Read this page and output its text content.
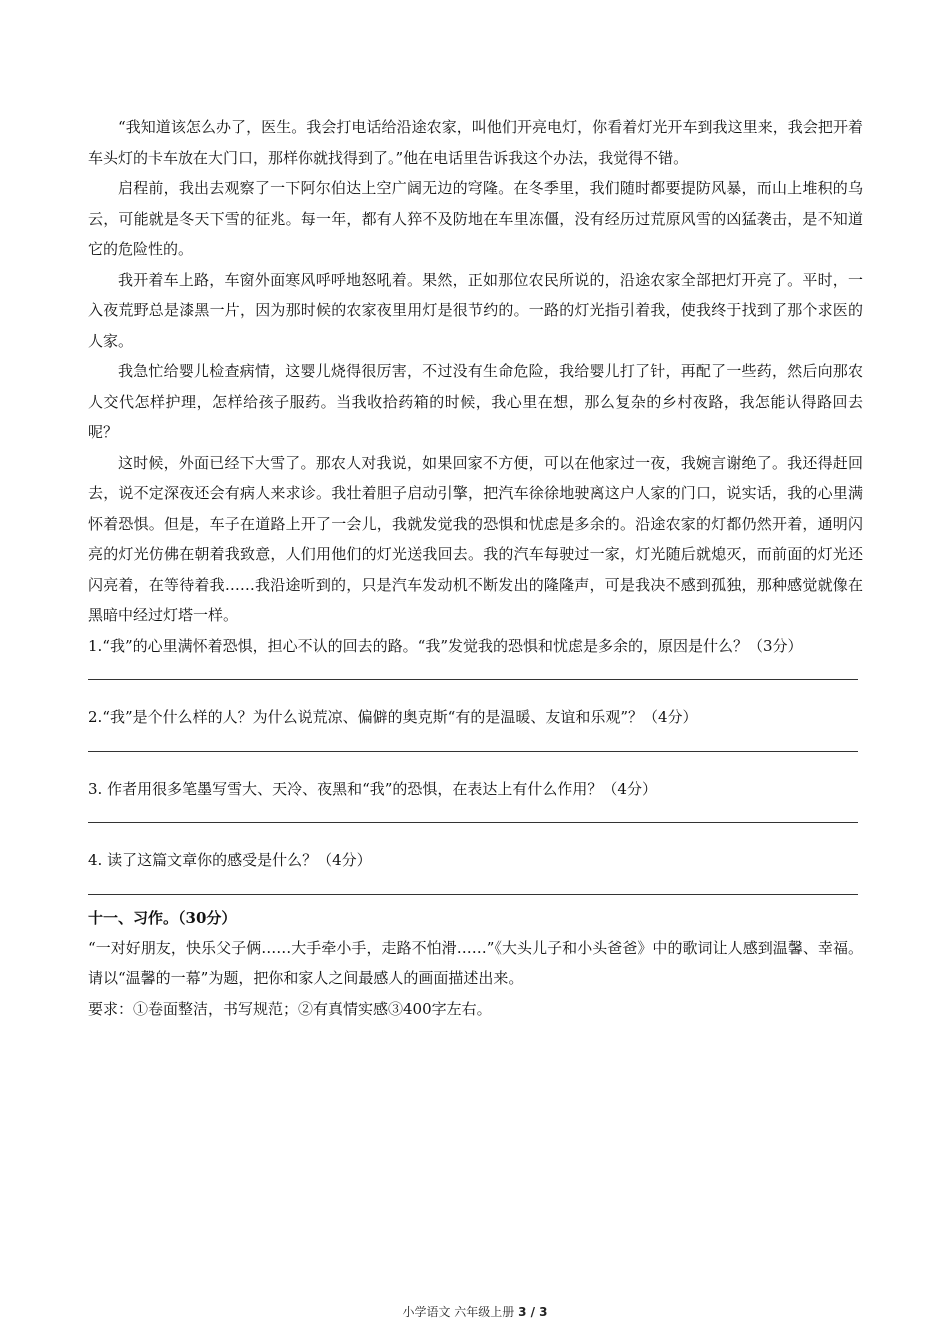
“我知道该怎么办了，医生。我会打电话给沿途农家，叫他们开亮电灯，你看着灯光开车到我这里来，我会把开着车头灯的卡车放在大门口，那样你就找得到了。”他在电话里告诉我这个办法，我觉得不错。

启程前，我出去观察了一下阿尔伯达上空广阔无边的穹隆。在冬季里，我们随时都要提防风暴，而山上堆积的乌云，可能就是冬天下雪的征兆。每一年，都有人猝不及防地在车里冻僵，没有经历过荒原风雪的凶猛袭击，是不知道它的危险性的。

我开着车上路，车窗外面寒风呼呼地怒吼着。果然，正如那位农民所说的，沿途农家全部把灯开亮了。平时，一入夜荒野总是漆黑一片，因为那时候的农家夜里用灯是很节约的。一路的灯光指引着我，使我终于找到了那个求医的人家。

我急忙给婴儿检查病情，这婴儿烧得很厉害，不过没有生命危险，我给婴儿打了针，再配了一些药，然后向那农人交代怎样护理，怎样给孩子服药。当我收拾药箱的时候，我心里在想，那么复杂的乡村夜路，我怎能认得路回去呢？

这时候，外面已经下大雪了。那农人对我说，如果回家不方便，可以在他家过一夜，我婉言谢绝了。我还得赶回去，说不定深夜还会有病人来求诊。我壮着胆子启动引擎，把汽车徐徐地驶离这户人家的门口，说实话，我的心里满怀着恐惧。但是，车子在道路上开了一会儿，我就发觉我的恐惧和忧虑是多余的。沿途农家的灯都仍然开着，通明闪亮的灯光仿佛在朝着我致意，人们用他们的灯光送我回去。我的汽车每驶过一家，灯光随后就熄灭，而前面的灯光还闪亮着，在等待着我……我沿途听到的，只是汽车发动机不断发出的隆隆声，可是我决不感到孤独，那种感觉就像在黑暗中经过灯塔一样。

1.“我”的心里满怀着恐惧，担心不认的回去的路。“我”发觉我的恐惧和忧虑是多余的，原因是什么？（3分）

2.“我”是个什么样的人？为什么说荒凉、偏僻的奥克斯“有的是温暖、友谊和乐观”？（4分）

3. 作者用很多笔墨写雪大、天冷、夜黑和“我”的恐惧，在表达上有什么作用？（4分）

4. 读了这篇文章你的感受是什么？（4分）

十一、习作。（30分）

“一对好朋友，快乐父子俩……大手牵小手，走路不怕滑……”《大头儿子和小头爸爸》中的歌词让人感到温馨、幸福。请以“温馨的一幕”为题，把你和家人之间最感人的画面描述出来。

要求：①卷面整洁，书写规范；②有真情实感③400字左右。

小学语文 六年级上册 3 / 3
